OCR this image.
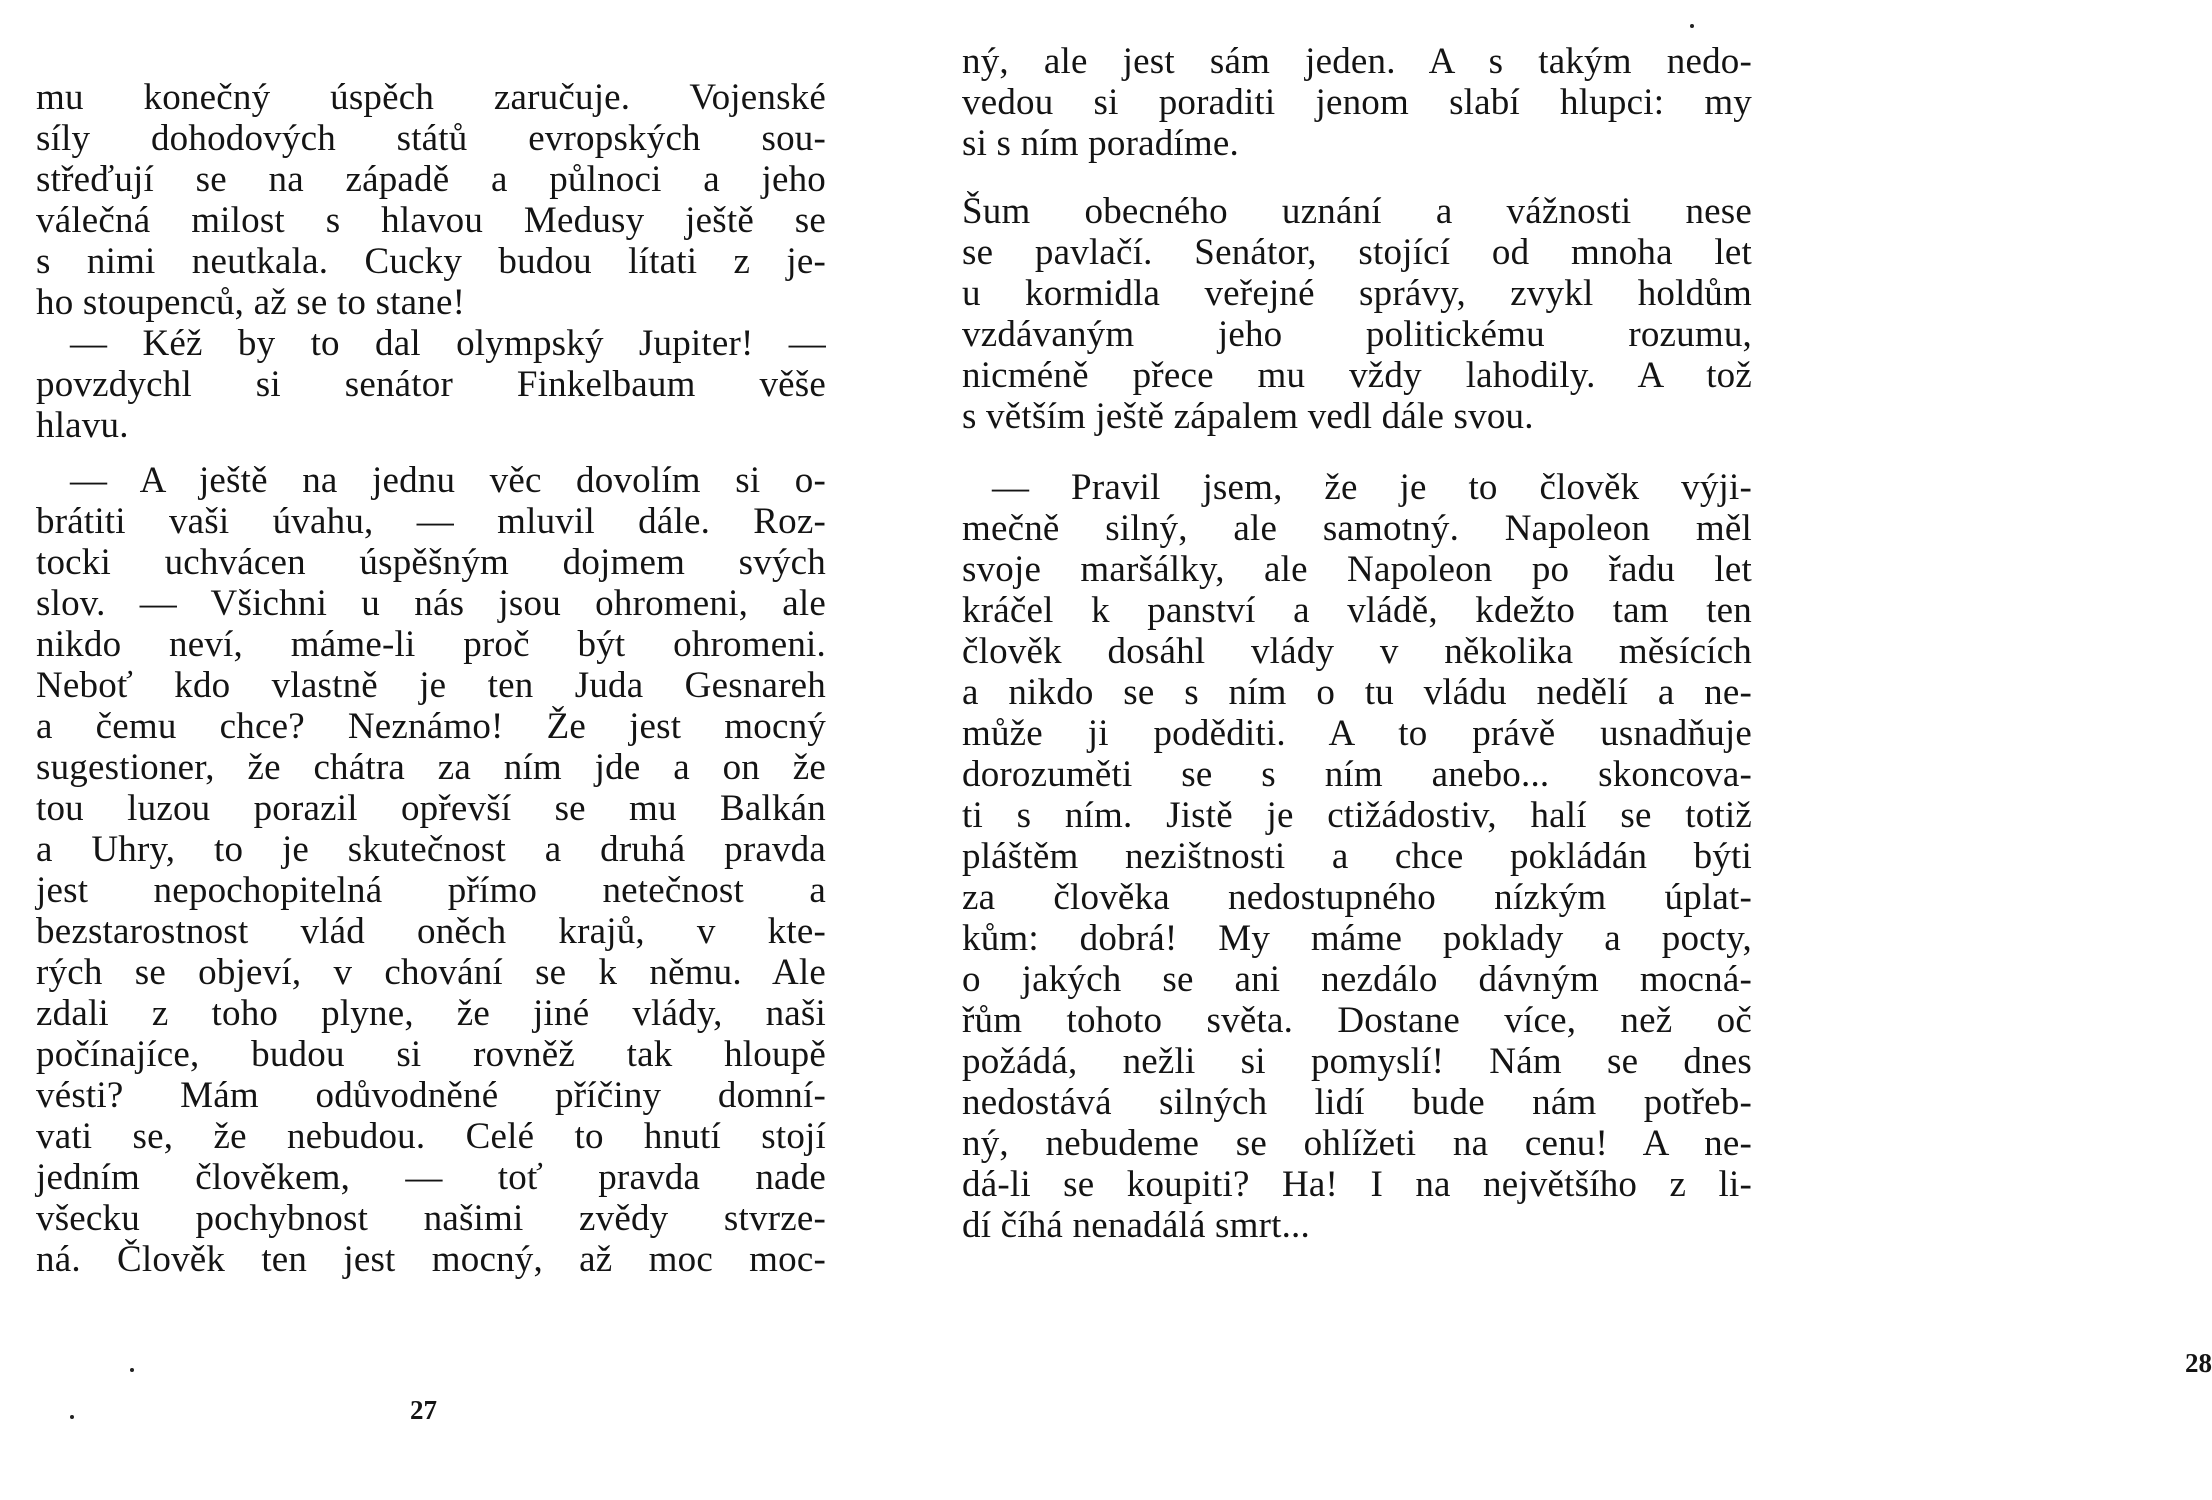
mu konečný úspěch zaručuje. Vojenské
síly dohodových států evropských sou-
střeďují se na západě a půlnoci a jeho
válečná milost s hlavou Medusy ještě se
s nimi neutkala. Cucky budou lítati z je-
ho stoupenců, až se to stane!
— Kéž by to dal olympský Jupiter! —
povzdychl si senátor Finkelbaum věše
hlavu.
— A ještě na jednu věc dovolím si o-
brátiti vaši úvahu, — mluvil dále. Roz-
tocki uchvácen úspěšným dojmem svých
slov. — Všichni u nás jsou ohromeni, ale
nikdo neví, máme-li proč být ohromeni.
Neboť kdo vlastně je ten Juda Gesnareh
a čemu chce? Neznámo! Že jest mocný
sugestioner, že chátra za ním jde a on že
tou luzou porazil opřevší se mu Balkán
a Uhry, to je skutečnost a druhá pravda
jest nepochopitelná přímo netečnost a
bezstarostnost vlád oněch krajů, v kte-
rých se objeví, v chování se k němu. Ale
zdali z toho plyne, že jiné vlády, naši
počínajíce, budou si rovněž tak hloupě
vésti? Mám odůvodněné příčiny domní-
vati se, že nebudou. Celé to hnutí stojí
jedním člověkem, — toť pravda nade
všecku pochybnost našimi zvědy stvrze-
ná. Člověk ten jest mocný, až moc moc-
27
ný, ale jest sám jeden. A s takým nedo-
vedou si poraditi jenom slabí hlupci: my
si s ním poradíme.
Šum obecného uznání a vážnosti nese
se pavlačí. Senátor, stojící od mnoha let
u kormidla veřejné správy, zvykl holdům
vzdávaným jeho politickému rozumu,
nicméně přece mu vždy lahodily. A tož
s větším ještě zápalem vedl dále svou.
— Pravil jsem, že je to člověk výji-
mečně silný, ale samotný. Napoleon měl
svoje maršálky, ale Napoleon po řadu let
kráčel k panství a vládě, kdežto tam ten
člověk dosáhl vlády v několika měsících
a nikdo se s ním o tu vládu nedělí a ne-
může ji poděditi. A to právě usnadňuje
dorozuměti se s ním anebo... skoncova-
ti s ním. Jistě je ctižádostiv, halí se totiž
pláštěm nezištnosti a chce pokládán býti
za člověka nedostupného nízkým úplat-
kům: dobrá! My máme poklady a pocty,
o jakých se ani nezdálo dávným mocná-
řům tohoto světa. Dostane více, než oč
požádá, nežli si pomyslí! Nám se dnes
nedostává silných lidí bude nám potřeb-
ný, nebudeme se ohlížeti na cenu! A ne-
dá-li se koupiti? Ha! I na největšího z li-
dí číhá nenadálá smrt...
28
